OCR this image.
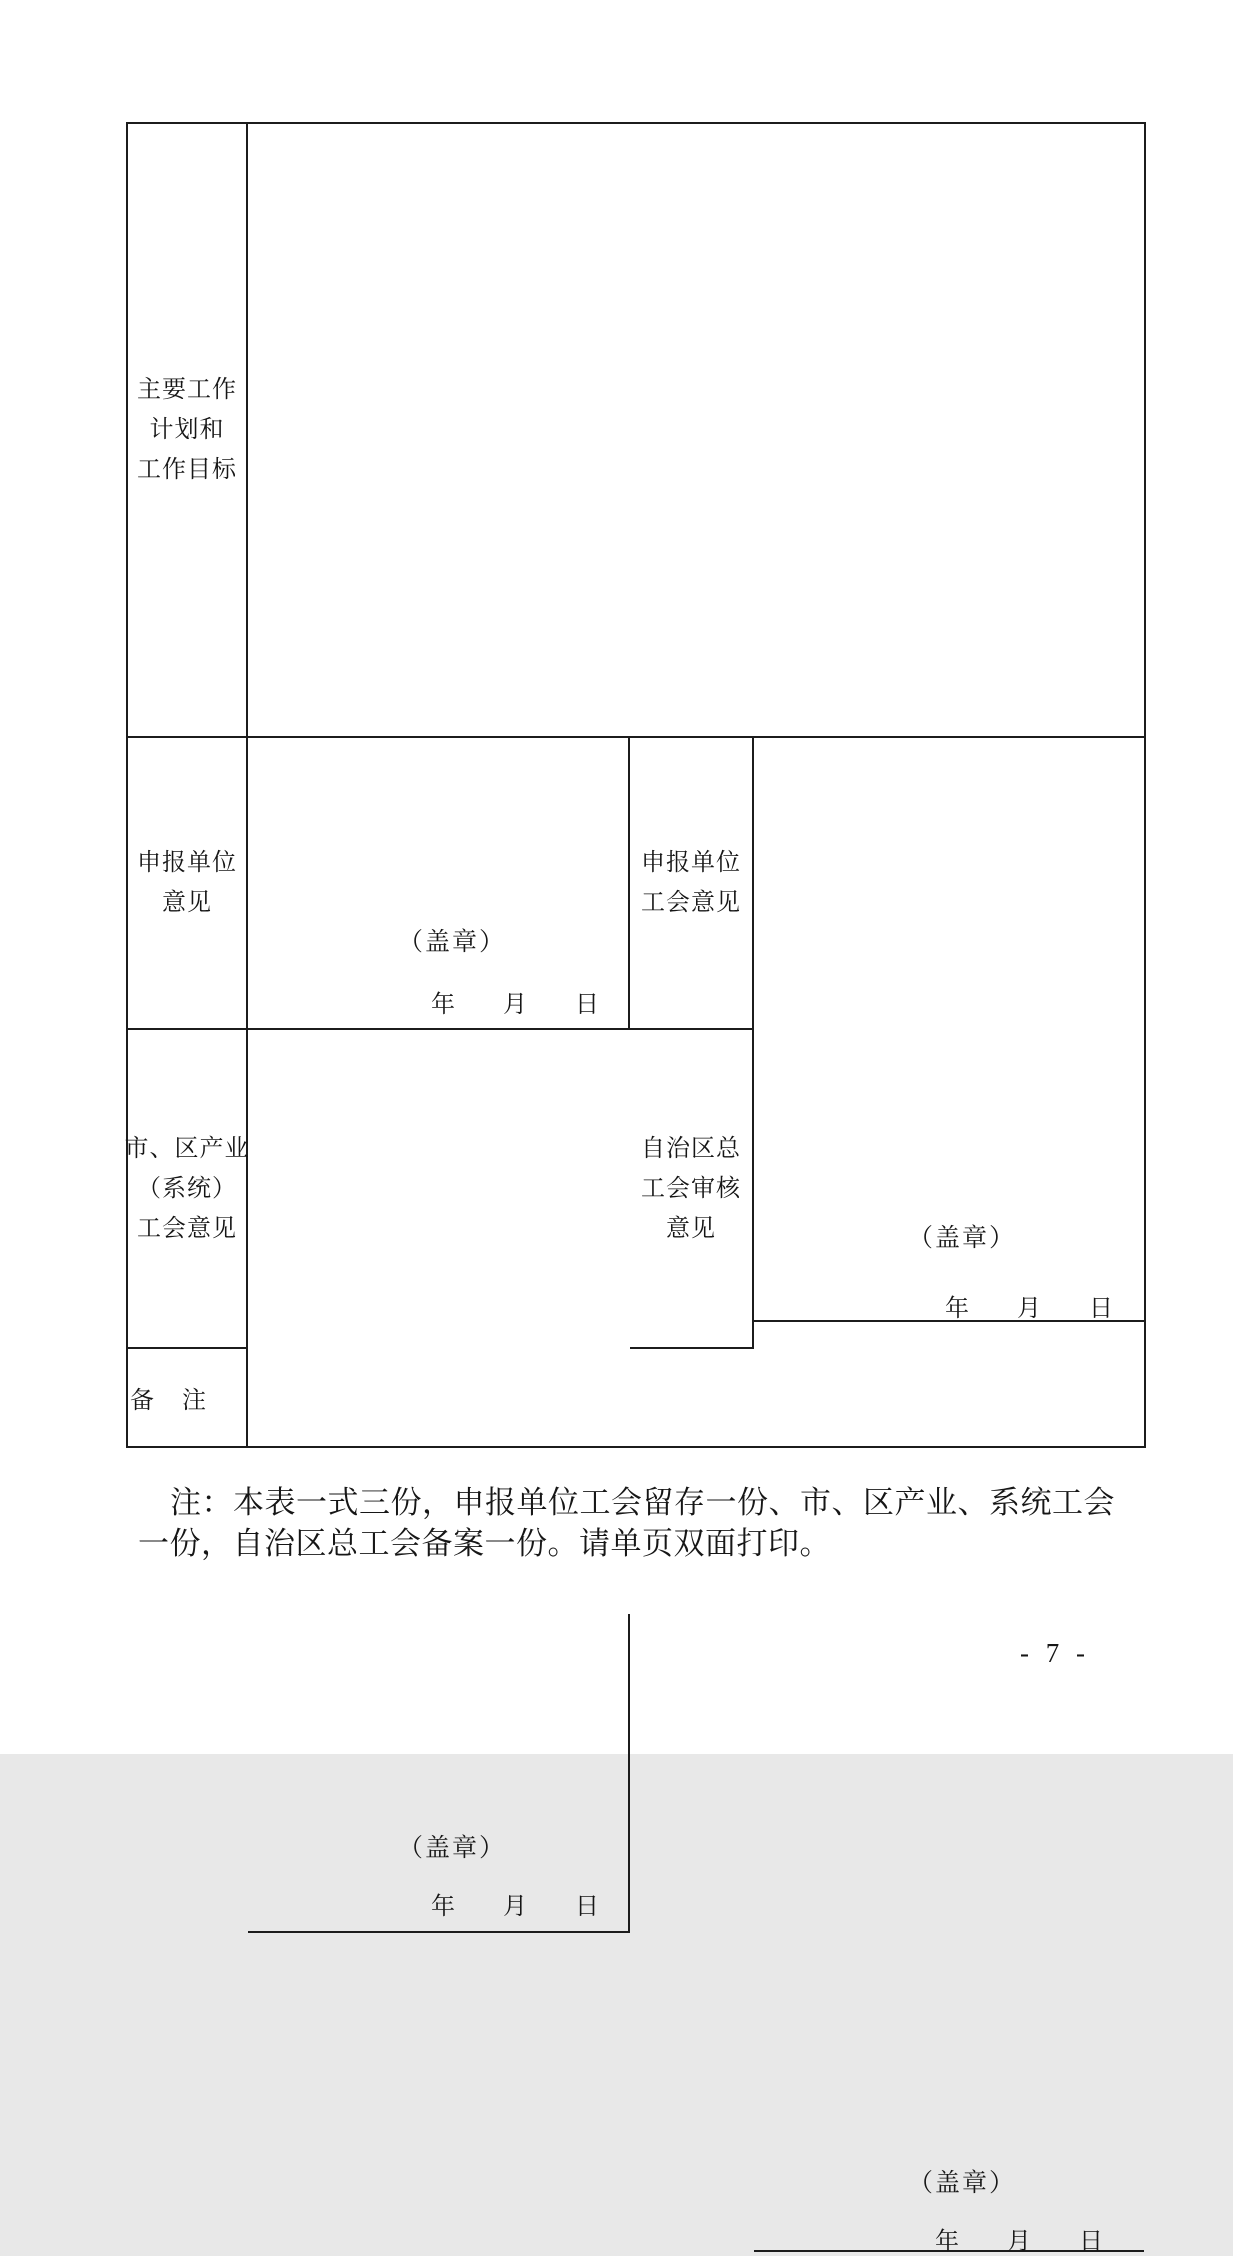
主要工作
计划和
工作目标
申报单位
意见
（盖章）
年　　月　　日
申报单位
工会意见
（盖章）
年　　月　　日
市、区产业
（系统）
工会意见
（盖章）
年　　月　　日
自治区总
工会审核
意见
（盖章）
年　　月　　日
备　注
注：本表一式三份，申报单位工会留存一份、市、区产业、系统工会
一份，自治区总工会备案一份。请单页双面打印。
- 7 -
